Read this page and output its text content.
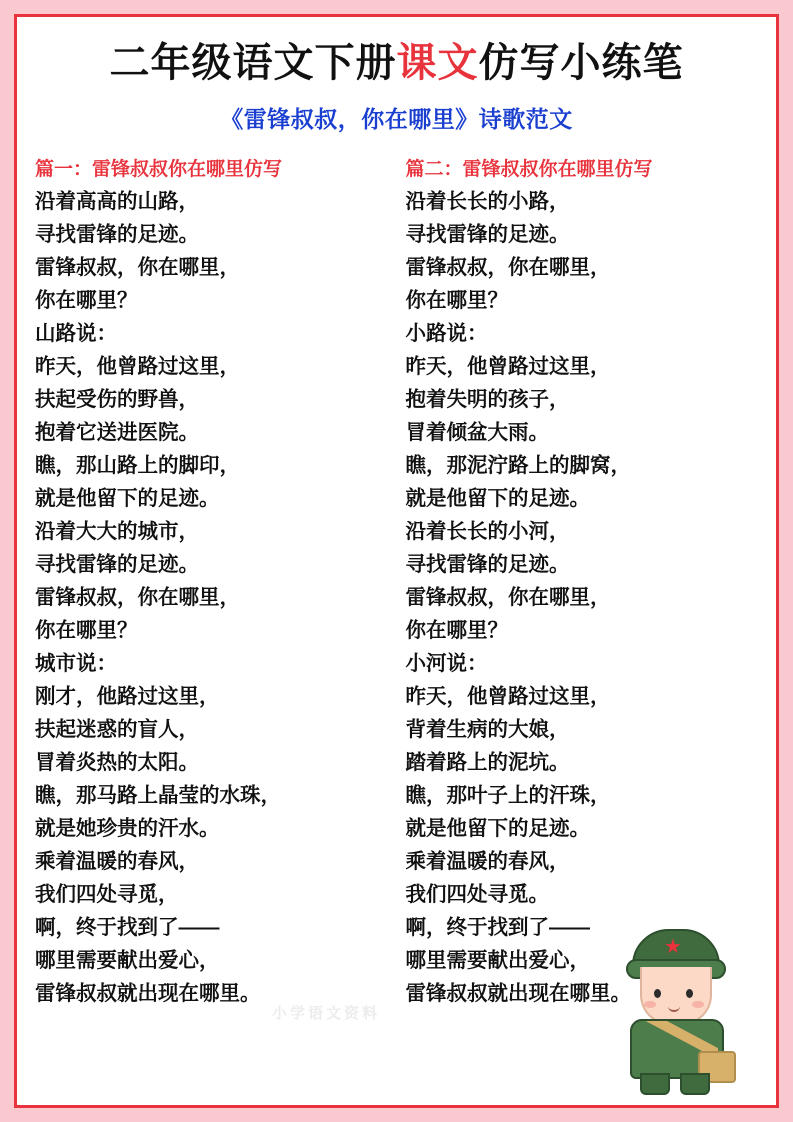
二年级语文下册课文仿写小练笔
《雷锋叔叔，你在哪里》诗歌范文
篇一：雷锋叔叔你在哪里仿写
沿着高高的山路，
寻找雷锋的足迹。
雷锋叔叔，你在哪里，
你在哪里？
山路说：
昨天，他曾路过这里，
扶起受伤的野兽，
抱着它送进医院。
瞧，那山路上的脚印，
就是他留下的足迹。
沿着大大的城市，
寻找雷锋的足迹。
雷锋叔叔，你在哪里，
你在哪里？
城市说：
刚才，他路过这里，
扶起迷惑的盲人，
冒着炎热的太阳。
瞧，那马路上晶莹的水珠，
就是她珍贵的汗水。
乘着温暖的春风，
我们四处寻觅，
啊，终于找到了——
哪里需要献出爱心，
雷锋叔叔就出现在哪里。
篇二：雷锋叔叔你在哪里仿写
沿着长长的小路，
寻找雷锋的足迹。
雷锋叔叔，你在哪里，
你在哪里？
小路说：
昨天，他曾路过这里，
抱着失明的孩子，
冒着倾盆大雨。
瞧，那泥泞路上的脚窝，
就是他留下的足迹。
沿着长长的小河，
寻找雷锋的足迹。
雷锋叔叔，你在哪里，
你在哪里？
小河说：
昨天，他曾路过这里，
背着生病的大娘，
踏着路上的泥坑。
瞧，那叶子上的汗珠，
就是他留下的足迹。
乘着温暖的春风，
我们四处寻觅。
啊，终于找到了——
哪里需要献出爱心，
雷锋叔叔就出现在哪里。
小学语文资料
